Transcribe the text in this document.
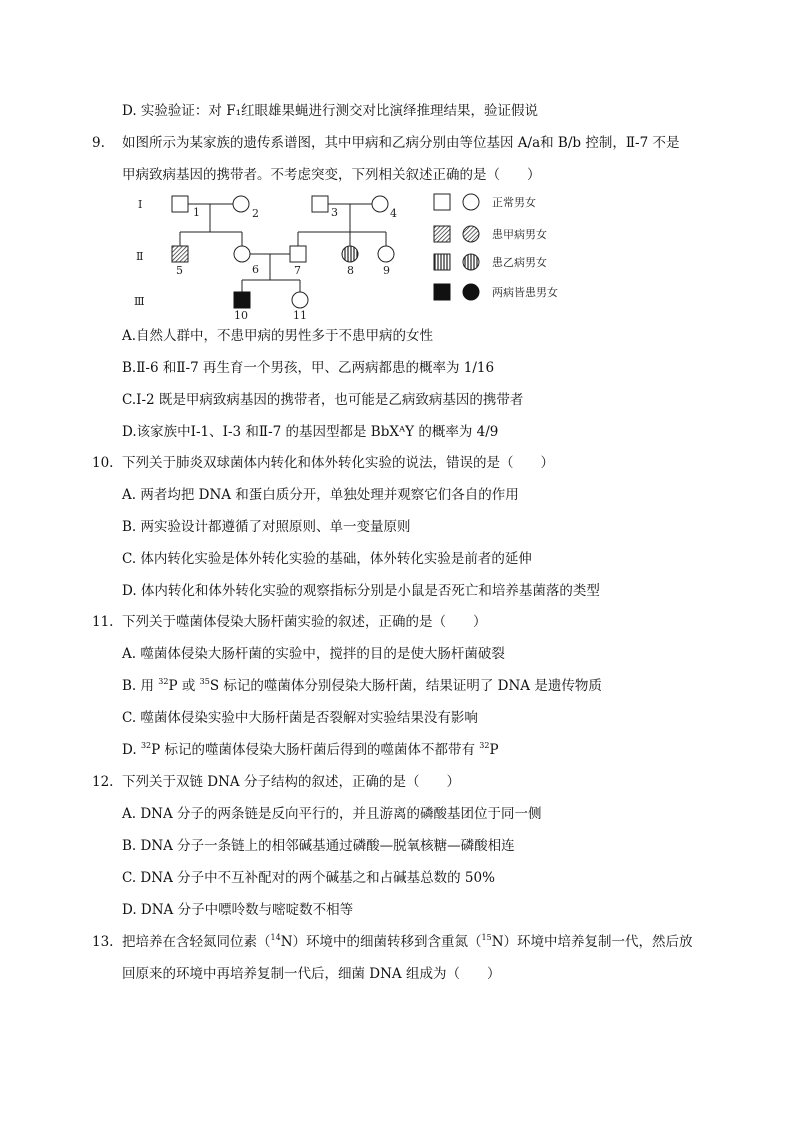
D. 实验验证：对 F₁红眼雄果蝇进行测交对比演绎推理结果，验证假说
9. 如图所示为某家族的遗传系谱图，其中甲病和乙病分别由等位基因 A/a和 B/b 控制，Ⅱ-7 不是
甲病致病基因的携带者。不考虑突变，下列相关叙述正确的是（　　）
Ⅰ
Ⅱ
Ⅲ
1	2	3	4
5	6	7	8	9
10	11
正常男女
患甲病男女
患乙病男女
两病皆患男女
A.自然人群中，不患甲病的男性多于不患甲病的女性
B.Ⅱ-6 和Ⅱ-7 再生育一个男孩，甲、乙两病都患的概率为 1/16
C.Ⅰ-2 既是甲病致病基因的携带者，也可能是乙病致病基因的携带者
D.该家族中Ⅰ-1、Ⅰ-3 和Ⅱ-7 的基因型都是 BbXᴬY 的概率为 4/9
10. 下列关于肺炎双球菌体内转化和体外转化实验的说法，错误的是（　　）
A. 两者均把 DNA 和蛋白质分开，单独处理并观察它们各自的作用
B. 两实验设计都遵循了对照原则、单一变量原则
C. 体内转化实验是体外转化实验的基础，体外转化实验是前者的延伸
D. 体内转化和体外转化实验的观察指标分别是小鼠是否死亡和培养基菌落的类型
11. 下列关于噬菌体侵染大肠杆菌实验的叙述，正确的是（　　）
A. 噬菌体侵染大肠杆菌的实验中，搅拌的目的是使大肠杆菌破裂
B. 用 $^{32}$P 或 $^{35}$S 标记的噬菌体分别侵染大肠杆菌，结果证明了 DNA 是遗传物质
C. 噬菌体侵染实验中大肠杆菌是否裂解对实验结果没有影响
D. $^{32}$P 标记的噬菌体侵染大肠杆菌后得到的噬菌体不都带有 $^{32}$P
12. 下列关于双链 DNA 分子结构的叙述，正确的是（　　）
A. DNA 分子的两条链是反向平行的，并且游离的磷酸基团位于同一侧
B. DNA 分子一条链上的相邻碱基通过磷酸—脱氧核糖—磷酸相连
C. DNA 分子中不互补配对的两个碱基之和占碱基总数的 50%
D. DNA 分子中嘌呤数与嘧啶数不相等
13. 把培养在含轻氮同位素（$^{14}$N）环境中的细菌转移到含重氮（$^{15}$N）环境中培养复制一代，然后放
回原来的环境中再培养复制一代后，细菌 DNA 组成为（　　）
